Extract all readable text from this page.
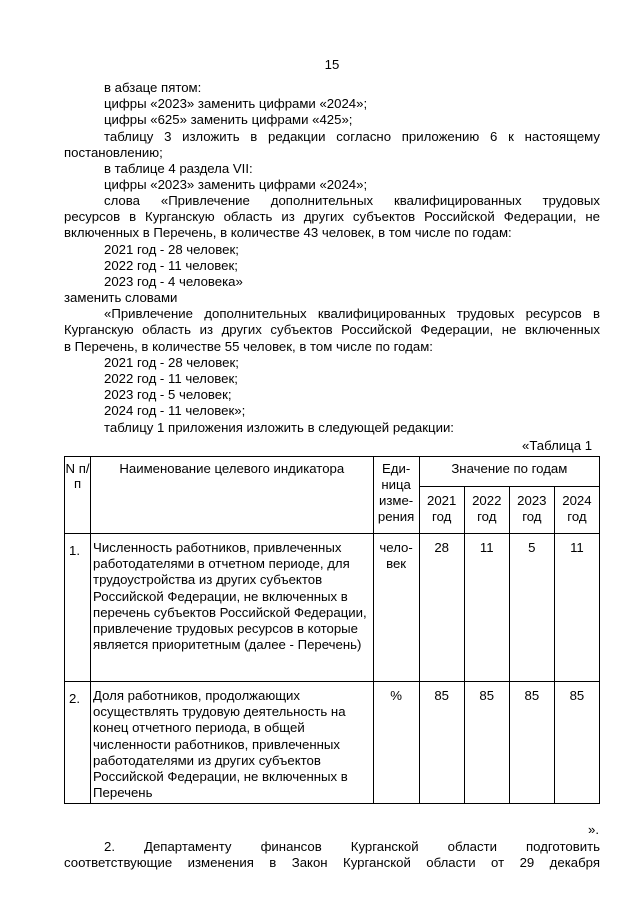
15
в абзаце пятом:
цифры «2023» заменить цифрами «2024»;
цифры «625» заменить цифрами «425»;
таблицу 3 изложить в редакции согласно приложению 6 к настоящему
постановлению;
в таблице 4 раздела VII:
цифры «2023» заменить цифрами «2024»;
слова «Привлечение дополнительных квалифицированных трудовых
ресурсов в Курганскую область из других субъектов Российской Федерации, не
включенных в Перечень, в количестве 43 человек, в том числе по годам:
2021 год - 28 человек;
2022 год - 11 человек;
2023 год - 4 человека»
заменить словами
«Привлечение дополнительных квалифицированных трудовых ресурсов в
Курганскую область из других субъектов Российской Федерации, не включенных
в Перечень, в количестве 55 человек, в том числе по годам:
2021 год - 28 человек;
2022 год - 11 человек;
2023 год - 5 человек;
2024 год - 11 человек»;
таблицу 1 приложения изложить в следующей редакции:
«Таблица 1
N п/п	Наименование целевого индикатора	Еди-ница изме-рения	Значение по годам			
			2021 год	2022 год	2023 год	2024 год
1.	Численность работников, привлеченных работодателями в отчетном периоде, для трудоустройства из других субъектов Российской Федерации, не включенных в перечень субъектов Российской Федерации, привлечение трудовых ресурсов в которые является приоритетным (далее - Перечень)	чело-век	28	11	5	11
2.	Доля работников, продолжающих осуществлять трудовую деятельность на конец отчетного периода, в общей численности работников, привлеченных работодателями из других субъектов Российской Федерации, не включенных в Перечень	%	85	85	85	85
».
2. Департаменту финансов Курганской области подготовить
соответствующие изменения в Закон Курганской области от 29 декабря
